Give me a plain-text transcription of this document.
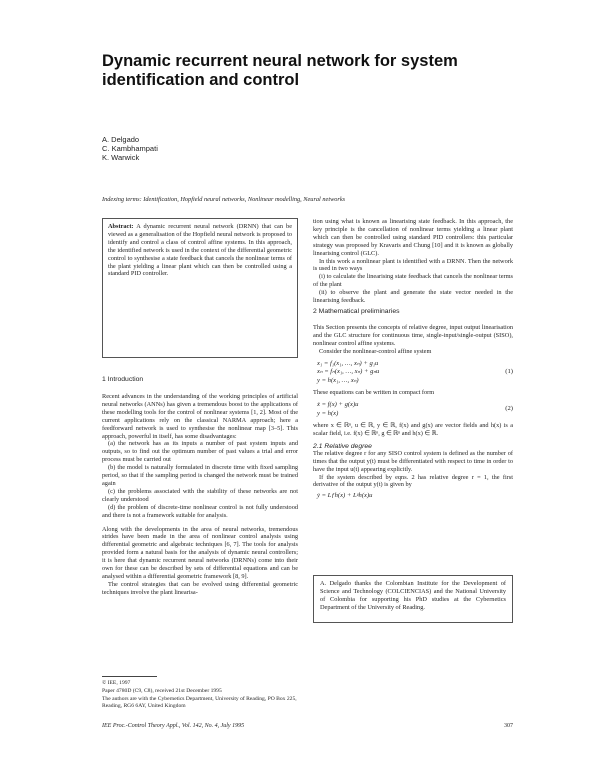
Dynamic recurrent neural network for system identification and control
A. Delgado
C. Kambhampati
K. Warwick
Indexing terms: Identification, Hopfield neural networks, Nonlinear modelling, Neural networks

Abstract: A dynamic recurrent neural network (DRNN) that can be viewed as a generalisation of the Hopfield neural network is proposed to identify and control a class of control affine systems. In this approach, the identified network is used in the context of the differential geometric control to synthesise a state feedback that cancels the nonlinear terms of the plant yielding a linear plant which can then be controlled using a standard PID controller.

1 Introduction

Recent advances in the understanding of the working principles of artificial neural networks (ANNs) has given a tremendous boost to the applications of these modelling tools for the control of nonlinear systems [1, 2]. Most of the current applications rely on the classical NARMA approach; here a feedforward network is used to synthesise the nonlinear map [3–5]. This approach, powerful in itself, has some disadvantages:

(a) the network has as its inputs a number of past system inputs and outputs, so to find out the optimum number of past values a trial and error process must be carried out

(b) the model is naturally formulated in discrete time with fixed sampling period, so that if the sampling period is changed the network must be trained again

(c) the problems associated with the stability of these networks are not clearly understood

(d) the problem of discrete-time nonlinear control is not fully understood and there is not a framework suitable for analysis.

Along with the developments in the area of neural networks, tremendous strides have been made in the area of nonlinear control analysis using differential geometric and algebraic techniques [6, 7]. The tools for analysis provided form a natural basis for the analysis of dynamic neural controllers; it is here that dynamic recurrent neural networks (DRNNs) come into their own for these can be described by sets of differential equations and can be analysed within a differential geometric framework [8, 9].

The control strategies that can be evolved using differential geometric techniques involve the plant linearisa-

© IEE, 1997
Paper 4780D (C9, C8), received 21st December 1995
The authors are with the Cybernetics Department, University of Reading, PO Box 225, Reading, RG6 6AY, United Kingdom
IEE Proc.-Control Theory Appl., Vol. 142, No. 4, July 1995	307

tion using what is known as linearising state feedback. In this approach, the key principle is the cancellation of nonlinear terms yielding a linear plant which can then be controlled using standard PID controllers: this particular strategy was proposed by Kravaris and Chung [10] and it is known as globally linearising control (GLC).

In this work a nonlinear plant is identified with a DRNN. Then the network is used in two ways

(i) to calculate the linearising state feedback that cancels the nonlinear terms of the plant

(ii) to observe the plant and generate the state vector needed in the linearising feedback.

2 Mathematical preliminaries

This Section presents the concepts of relative degree, input output linearisation and the GLC structure for continuous time, single-input/single-output (SISO), nonlinear control affine systems.

Consider the nonlinear-control affine system

x₁ = f₁(x₁, …, xₙ) + g₁u
xₙ = fₙ(x₁, …, xₙ) + gₙu
y = h(x₁, …, xₙ)
(1)

These equations can be written in compact form

ẋ = f(x) + g(x)u
y = h(x)
(2)

where x ∈ ℝⁿ, u ∈ ℝ, y ∈ ℝ, f(x) and g(x) are vector fields and h(x) is a scalar field, i.e. f(x) ∈ ℝⁿ, g ∈ ℝⁿ and h(x) ∈ ℝ.

2.1 Relative degree

The relative degree r for any SISO control system is defined as the number of times that the output y(t) must be differentiated with respect to time in order to have the input u(t) appearing explicitly.

If the system described by eqns. 2 has relative degree r = 1, the first derivative of the output y(t) is given by

ẏ = Lƒh(x) + Lᵍh(x)u

A. Delgado thanks the Colombian Institute for the Development of Science and Technology (COLCIENCIAS) and the National University of Colombia for supporting his PhD studies at the Cybernetics Department of the University of Reading.
